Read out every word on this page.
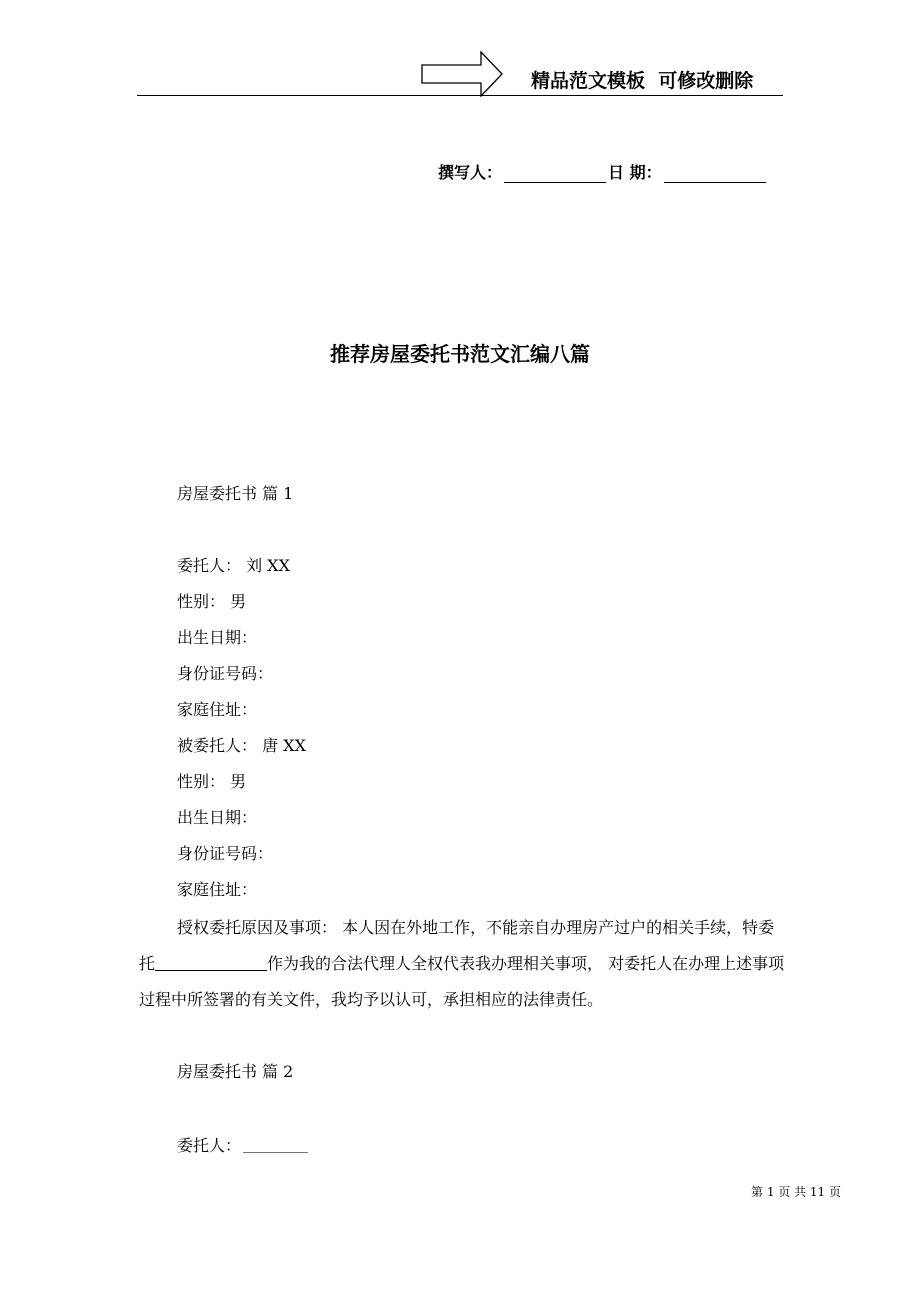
精品范文模板  可修改删除
撰写人：	日 期：
推荐房屋委托书范文汇编八篇
房屋委托书 篇 1
委托人： 刘 XX
性别： 男
出生日期：
身份证号码：
家庭住址：
被委托人： 唐 XX
性别： 男
出生日期：
身份证号码：
家庭住址：
授权委托原因及事项： 本人因在外地工作，不能亲自办理房产过户的相关手续，特委托	作为我的合法代理人全权代表我办理相关事项， 对委托人在办理上述事项过程中所签署的有关文件，我均予以认可，承担相应的法律责任。
房屋委托书 篇 2
委托人：
第 1 页 共 11 页
